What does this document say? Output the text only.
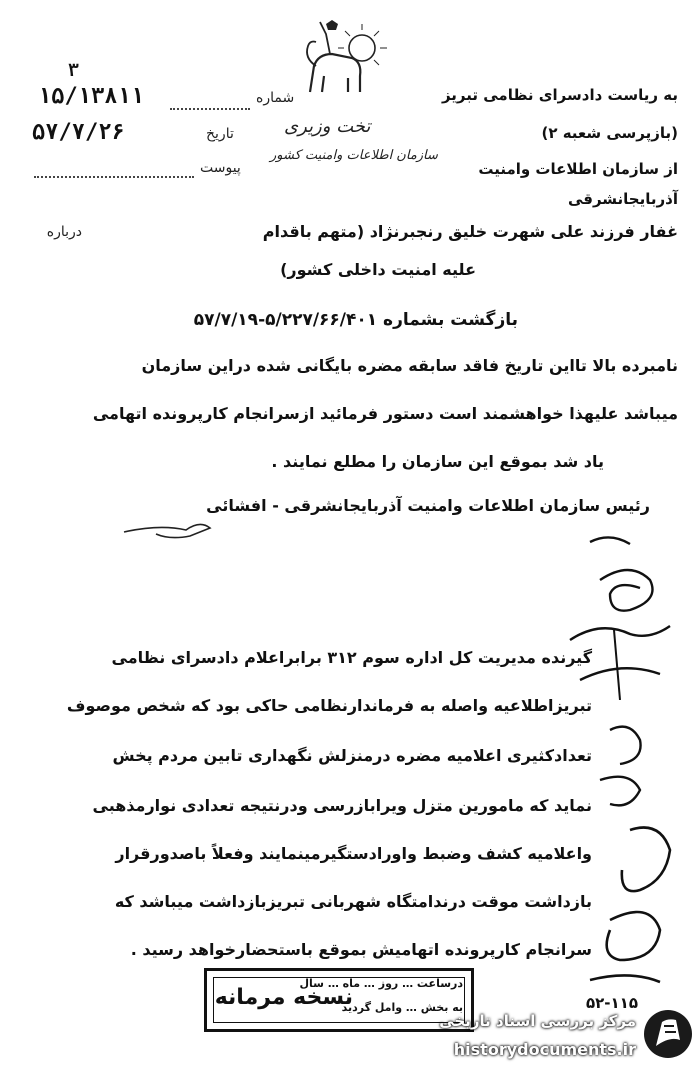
تخت وزیری
سازمان اطلاعات وامنیت کشور
۳
۱۵/۱۳۸۱۱	شماره
۵۷/۷/۲۶	تاریخ
پیوست
به ریاست دادسرای نظامی تبریز
(بازپرسی شعبه ۲)
از سازمان اطلاعات وامنیت
آذربایجانشرقی
درباره	غفار فرزند علی شهرت خلیق رنجبرنژاد (متهم باقدام
علیه امنیت داخلی کشور)
بازگشت بشماره ۵/۲۲۷/۶۶/۴۰۱-۵۷/۷/۱۹
نامبرده بالا تااین تاریخ فاقد سابقه مضره بایگانی شده دراین سازمان
میباشد علیهذا خواهشمند است دستور فرمائید ازسرانجام کارپرونده اتهامی
یاد شد بموقع این سازمان را مطلع نمایند .
رئیس سازمان اطلاعات وامنیت آذربایجانشرقی - افشائی
گیرنده مدیریت کل اداره سوم ۳۱۲ برابراعلام دادسرای نظامی
تبریزاطلاعیه واصله به فرماندارنظامی حاکی بود که شخص موصوف
تعدادکثیری اعلامیه مضره درمنزلش نگهداری تابین مردم پخش
نماید که مامورین متزل ویرابازرسی ودرنتیجه تعدادی نوارمذهبی
واعلامیه کشف وضبط واورادستگیرمینمایند وفعلاً باصدورقرار
بازداشت موقت درندامتگاه شهربانی تبریزبازداشت میباشد که
سرانجام کارپرونده اتهامیش بموقع باستحضارخواهد رسید .
نسخه مرمانه
درساعت … روز … ماه … سال
به بخش … وامل گردید	۵۲-۱۱۵
مرکز بررسی اسناد تاریخی
historydocuments.ir
